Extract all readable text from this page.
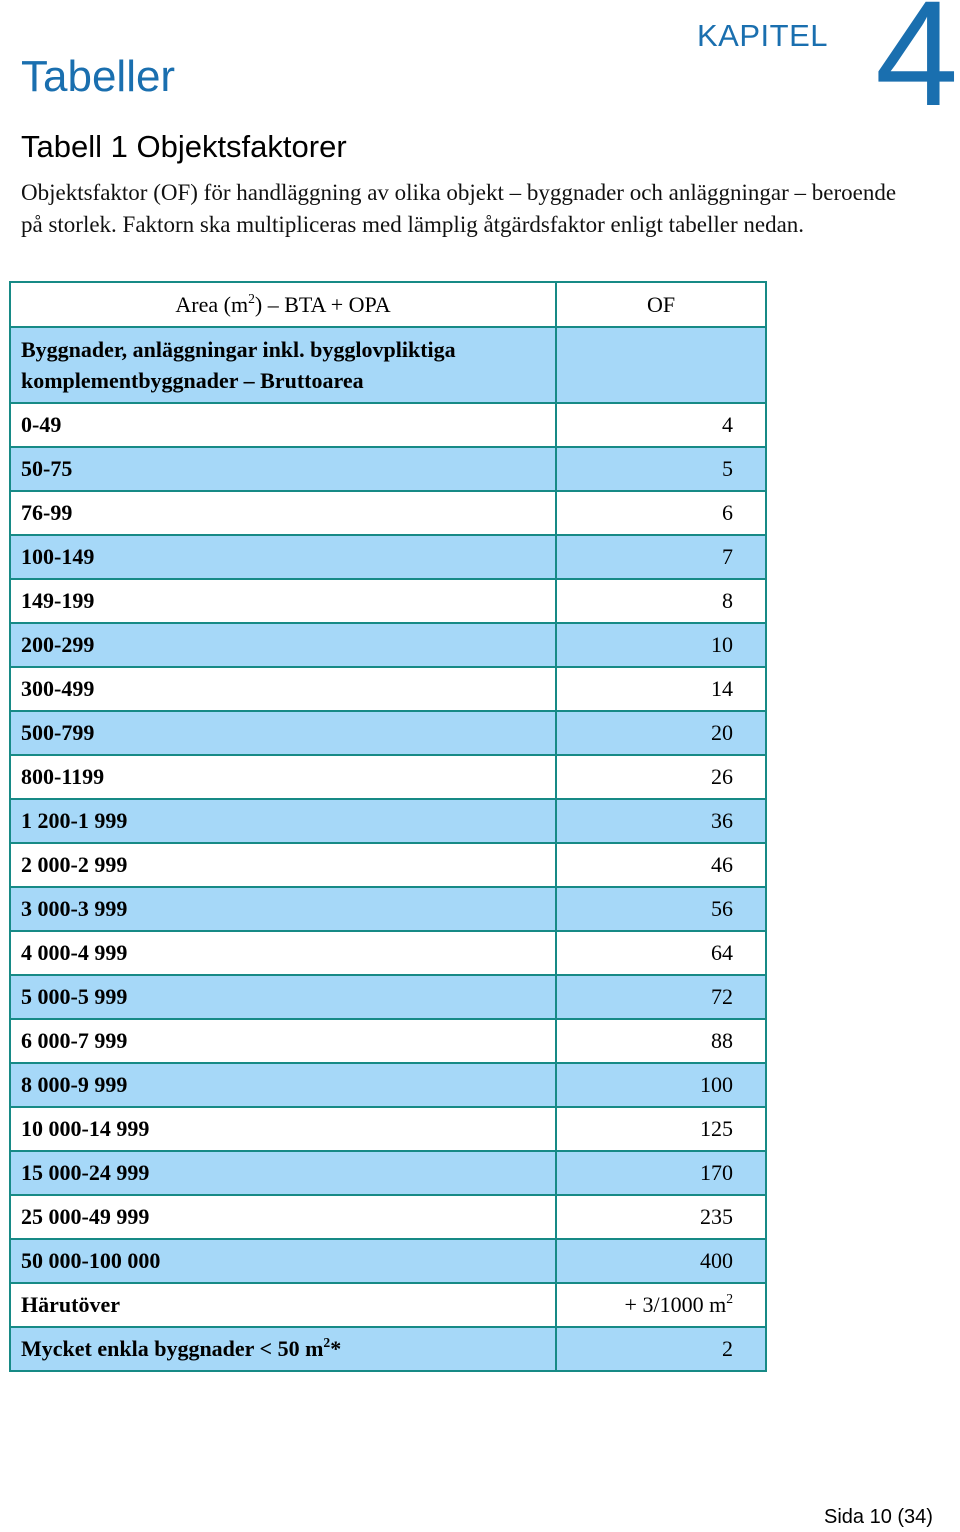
KAPITEL 4
Tabeller
Tabell 1 Objektsfaktorer
Objektsfaktor (OF) för handläggning av olika objekt – byggnader och anläggningar – beroende på storlek. Faktorn ska multipliceras med lämplig åtgärdsfaktor enligt tabeller nedan.
Area $(m^2)$ – BTA + OPA	OF
Byggnader, anläggningar inkl. bygglovpliktiga komplementbyggnader – Bruttoarea	
0-49	4
50-75	5
76-99	6
100-149	7
149-199	8
200-299	10
300-499	14
500-799	20
800-1199	26
1 200-1 999	36
2 000-2 999	46
3 000-3 999	56
4 000-4 999	64
5 000-5 999	72
6 000-7 999	88
8 000-9 999	100
10 000-14 999	125
15 000-24 999	170
25 000-49 999	235
50 000-100 000	400
Härutöver	+ 3/1000 $m^2$
Mycket enkla byggnader < 50 $m^2*$	2
Sida 10 (34)
